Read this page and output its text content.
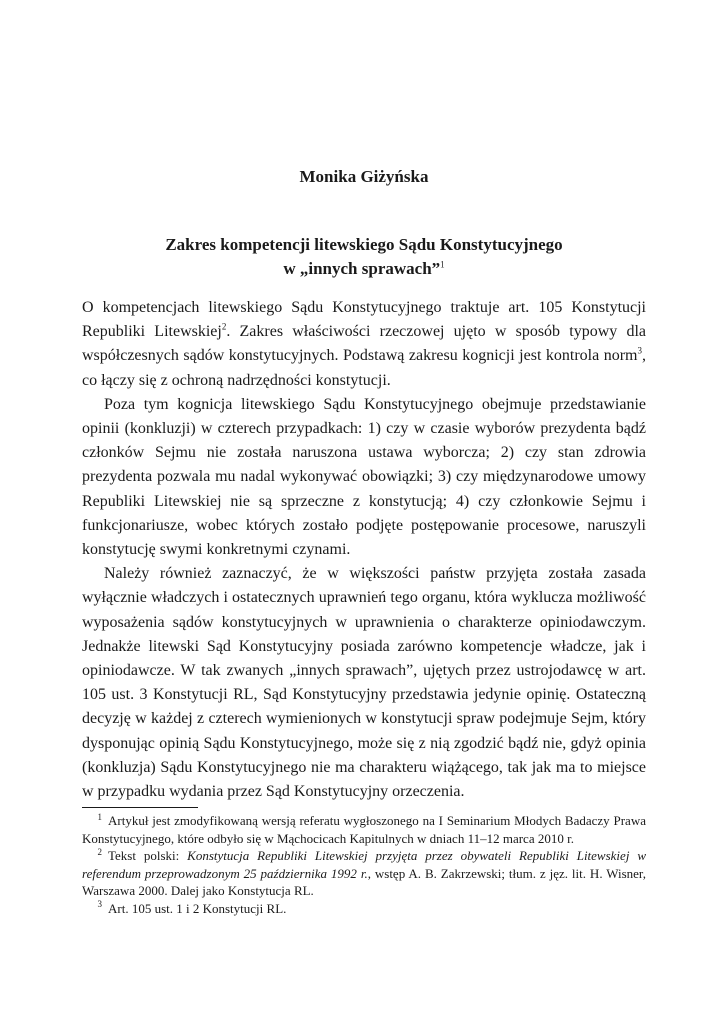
Monika Giżyńska
Zakres kompetencji litewskiego Sądu Konstytucyjnego
w „innych sprawach”$^1$

O kompetencjach litewskiego Sądu Konstytucyjnego traktuje art. 105 Konstytucji Republiki Litewskiej$^2$. Zakres właściwości rzeczowej ujęto w sposób typowy dla współczesnych sądów konstytucyjnych. Podstawą zakresu kognicji jest kontrola norm$^3$, co łączy się z ochroną nadrzędności konstytucji.

Poza tym kognicja litewskiego Sądu Konstytucyjnego obejmuje przedstawianie opinii (konkluzji) w czterech przypadkach: 1) czy w czasie wyborów prezydenta bądź członków Sejmu nie została naruszona ustawa wyborcza; 2) czy stan zdrowia prezydenta pozwala mu nadal wykonywać obowiązki; 3) czy międzynarodowe umowy Republiki Litewskiej nie są sprzeczne z konstytucją; 4) czy członkowie Sejmu i funkcjonariusze, wobec których zostało podjęte postępowanie procesowe, naruszyli konstytucję swymi konkretnymi czynami.

Należy również zaznaczyć, że w większości państw przyjęta została zasada wyłącznie władczych i ostatecznych uprawnień tego organu, która wyklucza możliwość wyposażenia sądów konstytucyjnych w uprawnienia o charakterze opiniodawczym. Jednakże litewski Sąd Konstytucyjny posiada zarówno kompetencje władcze, jak i opiniodawcze. W tak zwanych „innych sprawach”, ujętych przez ustrojodawcę w art. 105 ust. 3 Konstytucji RL, Sąd Konstytucyjny przedstawia jedynie opinię. Ostateczną decyzję w każdej z czterech wymienionych w konstytucji spraw podejmuje Sejm, który dysponując opinią Sądu Konstytucyjnego, może się z nią zgodzić bądź nie, gdyż opinia (konkluzja) Sądu Konstytucyjnego nie ma charakteru wiążącego, tak jak ma to miejsce w przypadku wydania przez Sąd Konstytucyjny orzeczenia.

1 Artykuł jest zmodyfikowaną wersją referatu wygłoszonego na I Seminarium Młodych Badaczy Prawa Konstytucyjnego, które odbyło się w Mąchocicach Kapitulnych w dniach 11–12 marca 2010 r.

2 Tekst polski: Konstytucja Republiki Litewskiej przyjęta przez obywateli Republiki Litewskiej w referendum przeprowadzonym 25 października 1992 r., wstęp A. B. Zakrzewski; tłum. z jęz. lit. H. Wisner, Warszawa 2000. Dalej jako Konstytucja RL.

3 Art. 105 ust. 1 i 2 Konstytucji RL.
